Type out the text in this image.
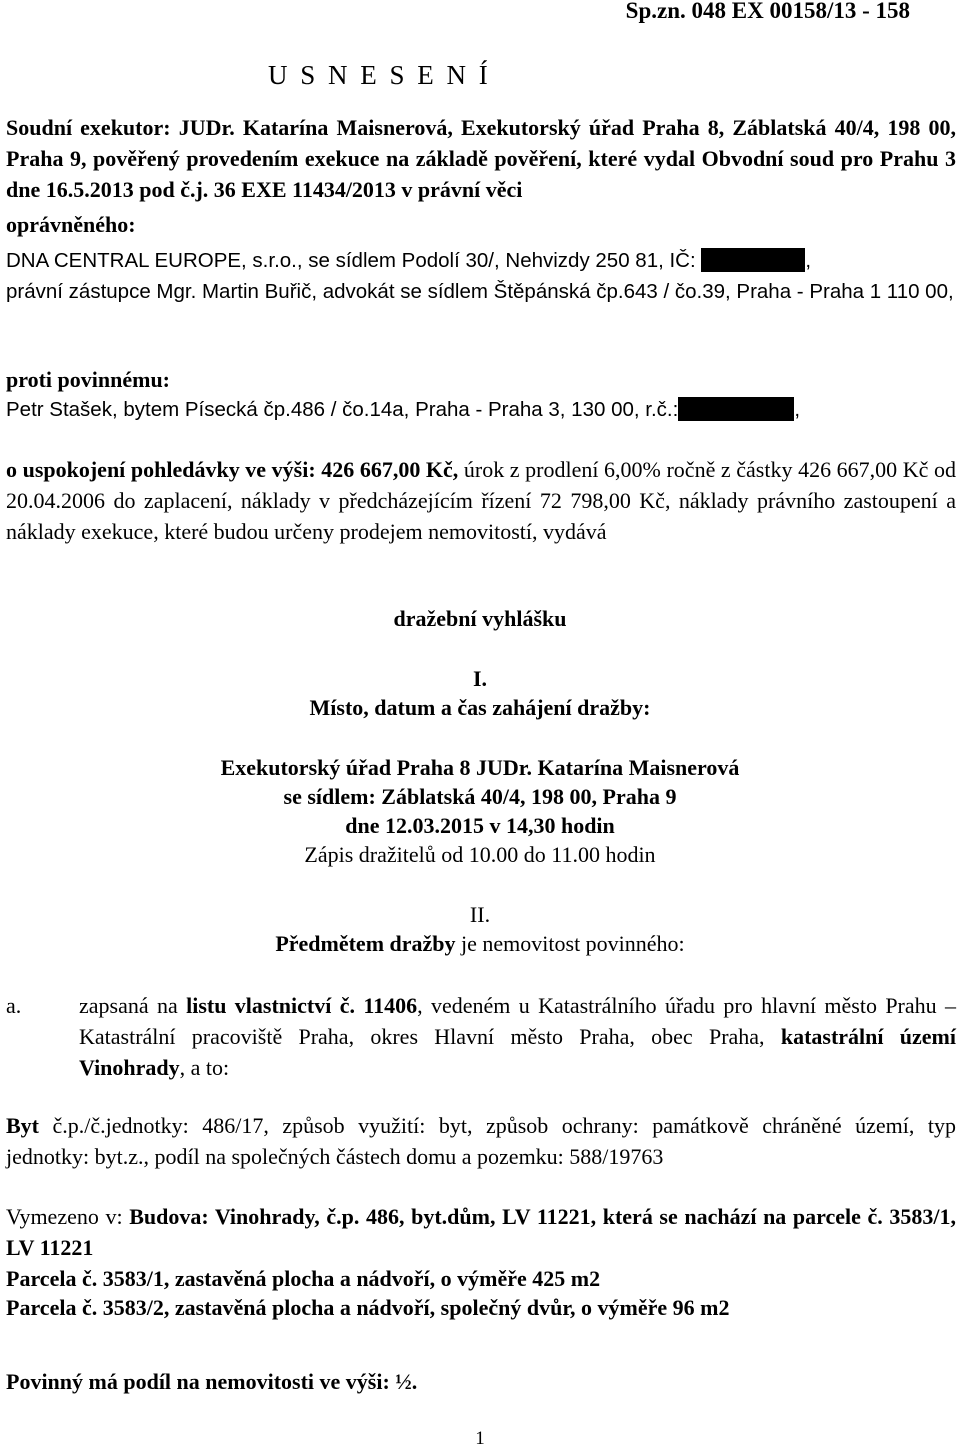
Sp.zn. 048 EX 00158/13 - 158
U S N E S E N Í
Soudní exekutor: JUDr. Katarína Maisnerová, Exekutorský úřad Praha 8, Záblatská 40/4, 198 00, Praha 9, pověřený provedením exekuce na základě pověření, které vydal Obvodní soud pro Prahu 3 dne 16.5.2013 pod č.j. 36 EXE 11434/2013 v právní věci
oprávněného:
DNA CENTRAL EUROPE, s.r.o., se sídlem Podolí 30/, Nehvizdy 250 81, IČ:	,
právní zástupce Mgr. Martin Buřič, advokát se sídlem Štěpánská čp.643 / čo.39, Praha - Praha 1 110 00,
proti povinnému:
Petr Stašek, bytem Písecká čp.486 / čo.14a, Praha - Praha 3, 130 00, r.č.:	,
o uspokojení pohledávky ve výši: 426 667,00 Kč, úrok z prodlení 6,00% ročně z částky 426 667,00 Kč od 20.04.2006 do zaplacení, náklady v předcházejícím řízení 72 798,00 Kč, náklady právního zastoupení a náklady exekuce, které budou určeny prodejem nemovitostí, vydává
dražební vyhlášku
I.
Místo, datum a čas zahájení dražby:
Exekutorský úřad Praha 8 JUDr. Katarína Maisnerová
se sídlem: Záblatská 40/4, 198 00, Praha 9
dne 12.03.2015 v 14,30 hodin
Zápis dražitelů od 10.00 do 11.00 hodin
II.
Předmětem dražby je nemovitost povinného:
a.	zapsaná na listu vlastnictví č. 11406, vedeném u Katastrálního úřadu pro hlavní město Prahu – Katastrální pracoviště Praha, okres Hlavní město Praha, obec Praha, katastrální území Vinohrady, a to:
Byt č.p./č.jednotky: 486/17, způsob využití: byt, způsob ochrany: památkově chráněné území, typ jednotky: byt.z., podíl na společných částech domu a pozemku: 588/19763
Vymezeno v: Budova: Vinohrady, č.p. 486, byt.dům, LV 11221, která se nachází na parcele č. 3583/1, LV 11221
Parcela č. 3583/1, zastavěná plocha a nádvoří, o výměře 425 m2
Parcela č. 3583/2, zastavěná plocha a nádvoří, společný dvůr, o výměře 96 m2
Povinný má podíl na nemovitosti ve výši: ½.
1
